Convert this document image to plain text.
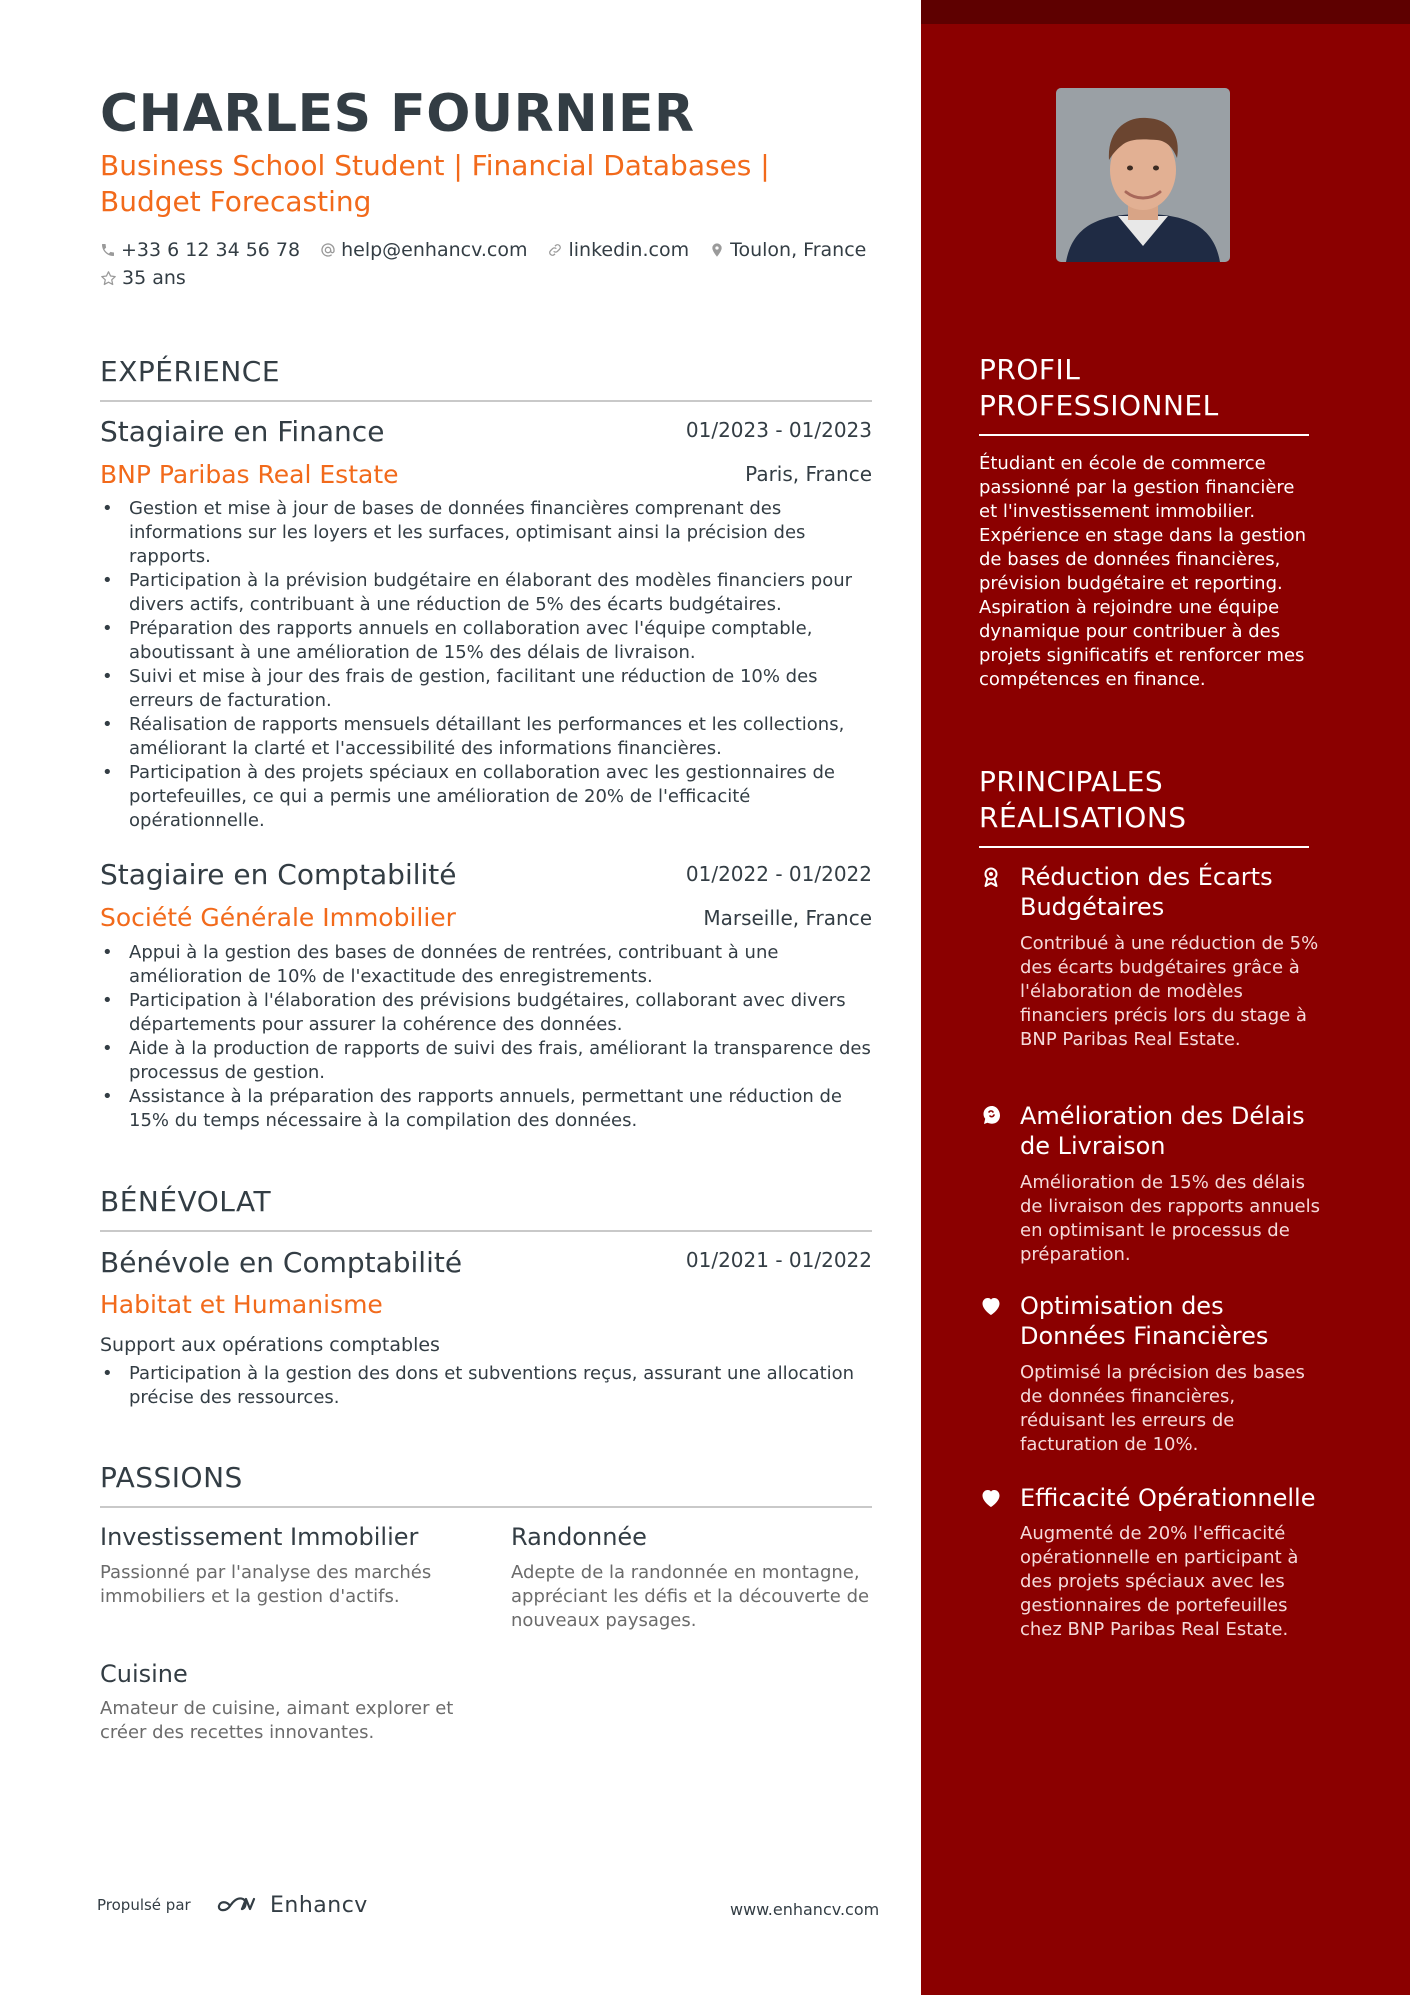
CHARLES FOURNIER
Business School Student | Financial Databases | Budget Forecasting
+33 6 12 34 56 78 help@enhancv.com linkedin.com Toulon, France
35 ans
EXPÉRIENCE
Stagiaire en Finance	01/2023 - 01/2023
BNP Paribas Real Estate	Paris, France
• Gestion et mise à jour de bases de données financières comprenant des informations sur les loyers et les surfaces, optimisant ainsi la précision des rapports.
• Participation à la prévision budgétaire en élaborant des modèles financiers pour divers actifs, contribuant à une réduction de 5% des écarts budgétaires.
• Préparation des rapports annuels en collaboration avec l'équipe comptable, aboutissant à une amélioration de 15% des délais de livraison.
• Suivi et mise à jour des frais de gestion, facilitant une réduction de 10% des erreurs de facturation.
• Réalisation de rapports mensuels détaillant les performances et les collections, améliorant la clarté et l'accessibilité des informations financières.
• Participation à des projets spéciaux en collaboration avec les gestionnaires de portefeuilles, ce qui a permis une amélioration de 20% de l'efficacité opérationnelle.
Stagiaire en Comptabilité	01/2022 - 01/2022
Société Générale Immobilier	Marseille, France
• Appui à la gestion des bases de données de rentrées, contribuant à une amélioration de 10% de l'exactitude des enregistrements.
• Participation à l'élaboration des prévisions budgétaires, collaborant avec divers départements pour assurer la cohérence des données.
• Aide à la production de rapports de suivi des frais, améliorant la transparence des processus de gestion.
• Assistance à la préparation des rapports annuels, permettant une réduction de 15% du temps nécessaire à la compilation des données.
BÉNÉVOLAT
Bénévole en Comptabilité	01/2021 - 01/2022
Habitat et Humanisme
Support aux opérations comptables
• Participation à la gestion des dons et subventions reçus, assurant une allocation précise des ressources.
PASSIONS
Investissement Immobilier
Passionné par l'analyse des marchés immobiliers et la gestion d'actifs.
Randonnée
Adepte de la randonnée en montagne, appréciant les défis et la découverte de nouveaux paysages.
Cuisine
Amateur de cuisine, aimant explorer et créer des recettes innovantes.
Propulsé par	Enhancv	www.enhancv.com
PROFIL PROFESSIONNEL
Étudiant en école de commerce passionné par la gestion financière et l'investissement immobilier. Expérience en stage dans la gestion de bases de données financières, prévision budgétaire et reporting. Aspiration à rejoindre une équipe dynamique pour contribuer à des projets significatifs et renforcer mes compétences en finance.
PRINCIPALES RÉALISATIONS
Réduction des Écarts Budgétaires
Contribué à une réduction de 5% des écarts budgétaires grâce à l'élaboration de modèles financiers précis lors du stage à BNP Paribas Real Estate.
Amélioration des Délais de Livraison
Amélioration de 15% des délais de livraison des rapports annuels en optimisant le processus de préparation.
Optimisation des Données Financières
Optimisé la précision des bases de données financières, réduisant les erreurs de facturation de 10%.
Efficacité Opérationnelle
Augmenté de 20% l'efficacité opérationnelle en participant à des projets spéciaux avec les gestionnaires de portefeuilles chez BNP Paribas Real Estate.
